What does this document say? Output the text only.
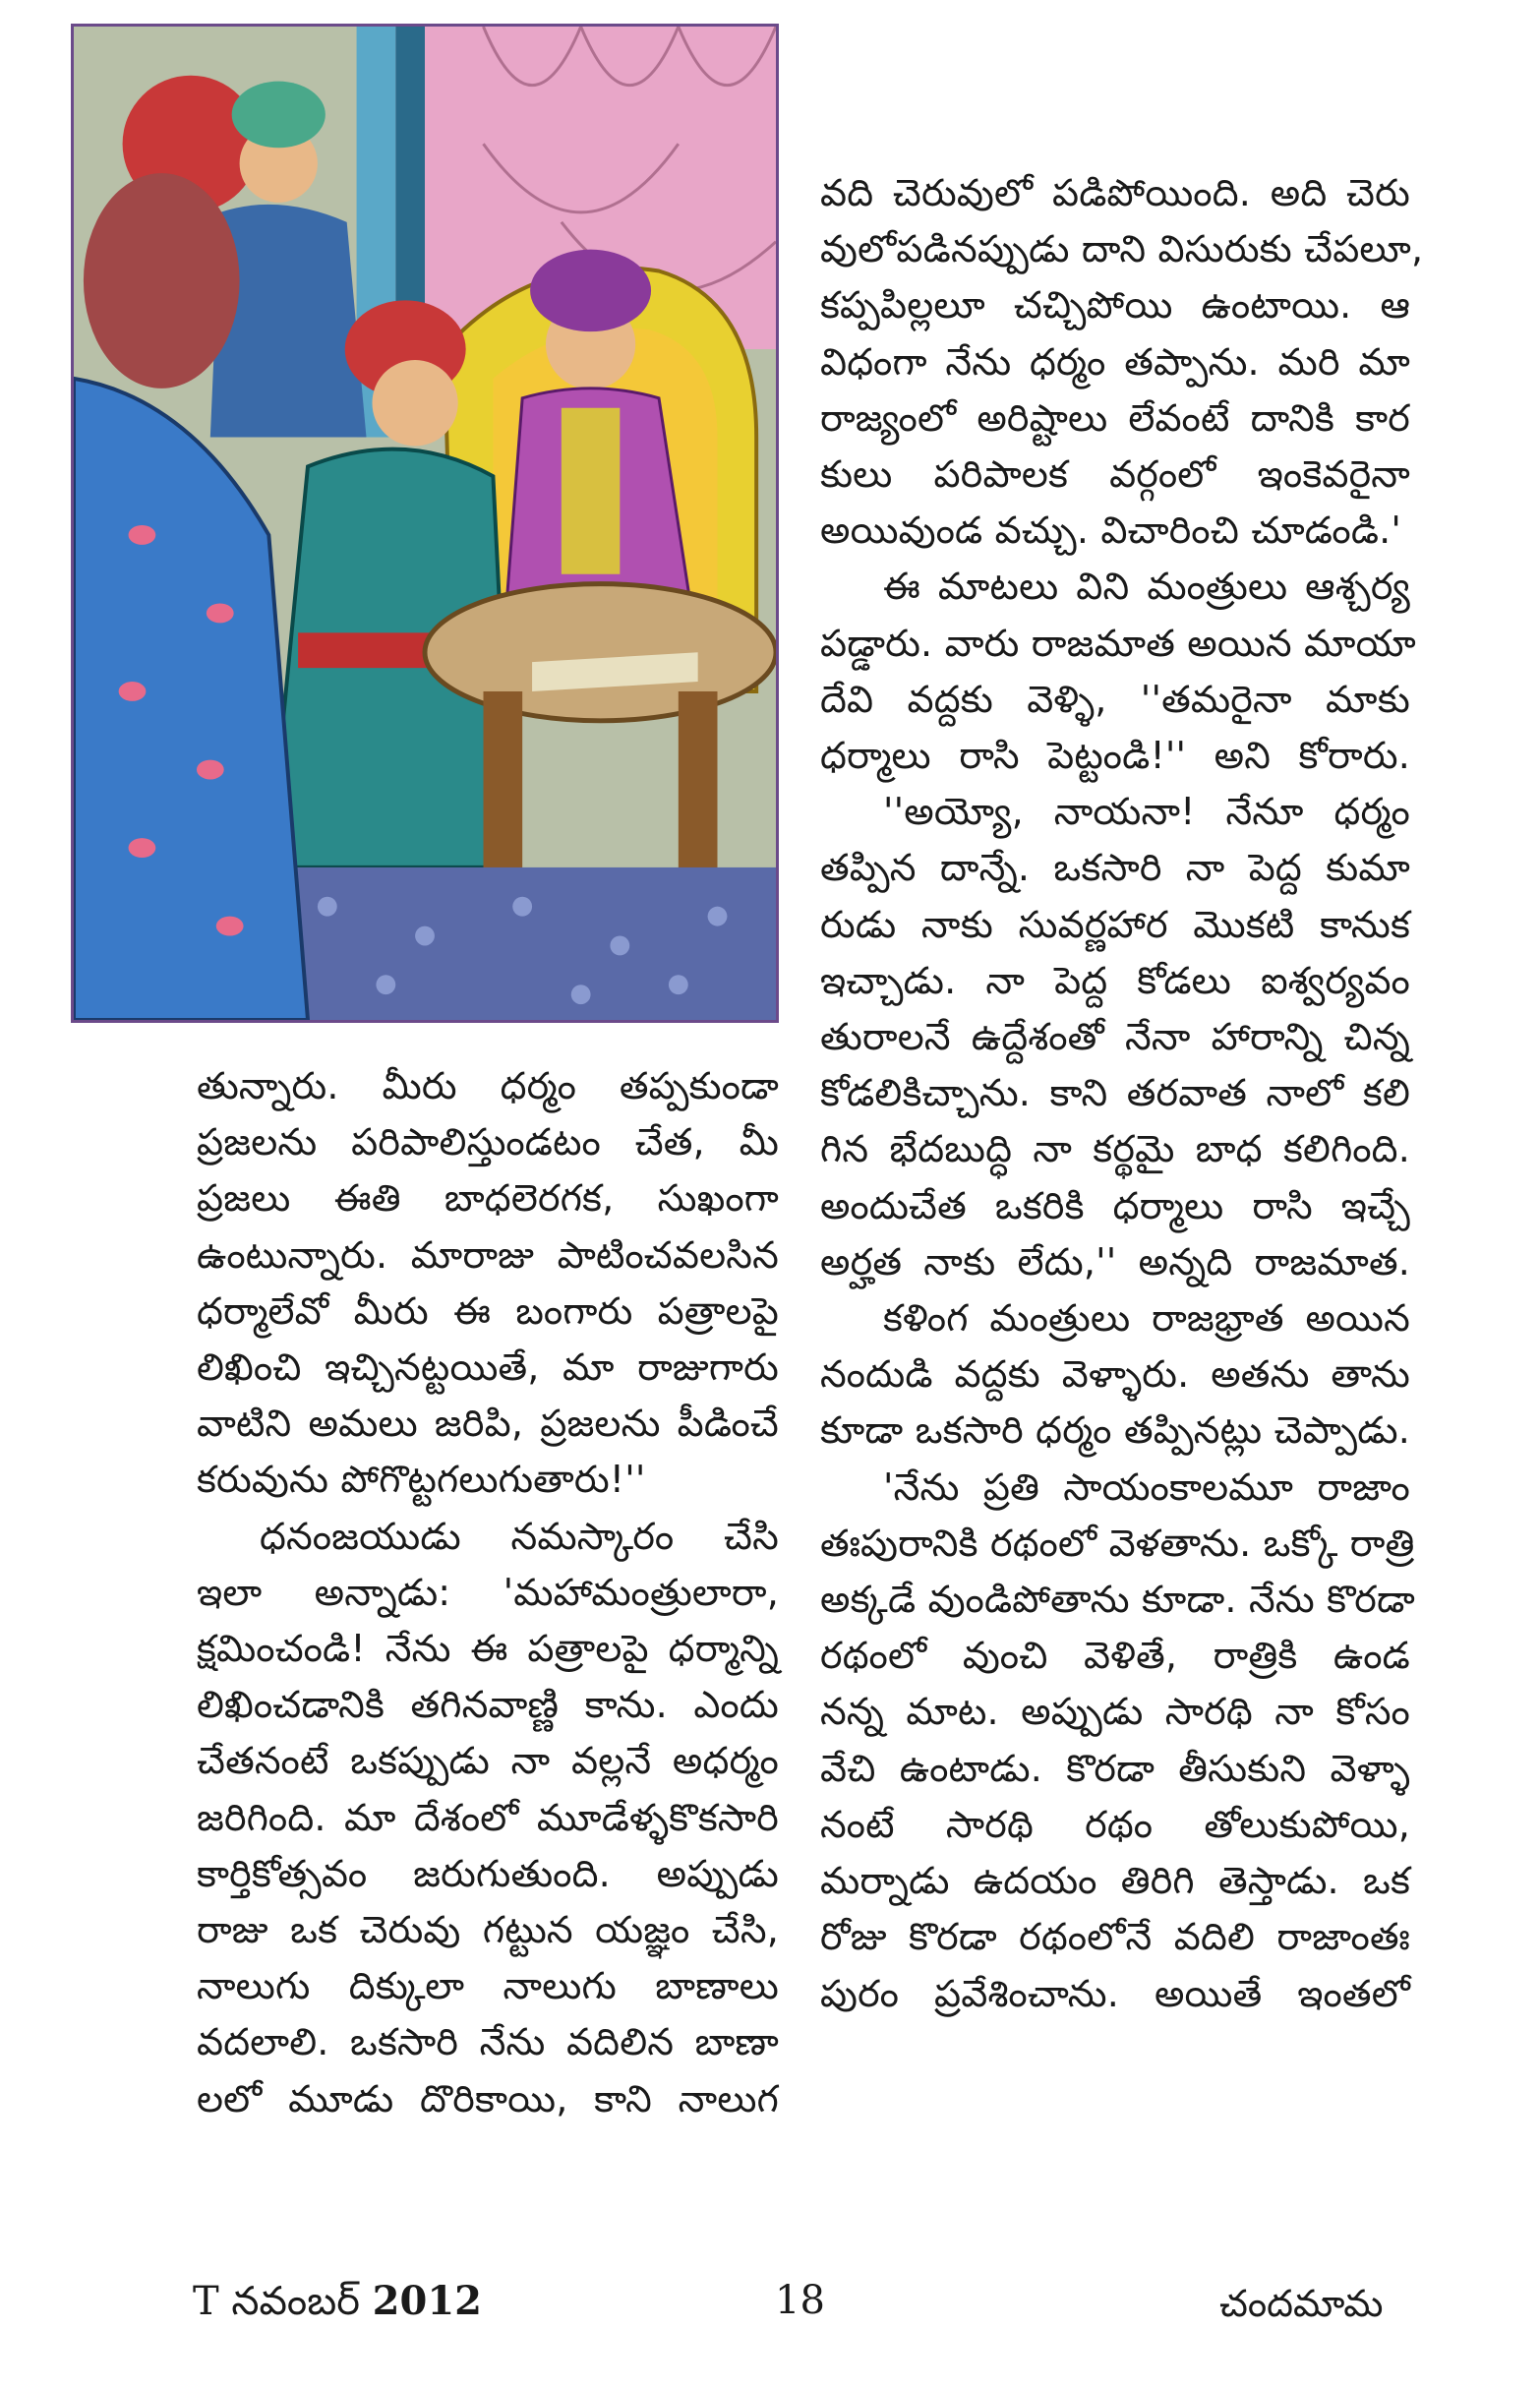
తున్నారు. మీరు ధర్మం తప్పకుండా

ప్రజలను పరిపాలిస్తుండటం చేత, మీ

ప్రజలు ఈతి బాధలెరగక, సుఖంగా

ఉంటున్నారు. మారాజు పాటించవలసిన

ధర్మాలేవో మీరు ఈ బంగారు పత్రాలపై

లిఖించి ఇచ్చినట్టయితే, మా రాజుగారు

వాటిని అమలు జరిపి, ప్రజలను పీడించే

కరువును పోగొట్టగలుగుతారు!''

ధనంజయుడు నమస్కారం చేసి

ఇలా అన్నాడు: 'మహామంత్రులారా,

క్షమించండి! నేను ఈ పత్రాలపై ధర్మాన్ని

లిఖించడానికి తగినవాణ్ణి కాను. ఎందు

చేతనంటే ఒకప్పుడు నా వల్లనే అధర్మం

జరిగింది. మా దేశంలో మూడేళ్ళకొకసారి

కార్తికోత్సవం జరుగుతుంది. అప్పుడు

రాజు ఒక చెరువు గట్టున యజ్ఞం చేసి,

నాలుగు దిక్కులా నాలుగు బాణాలు

వదలాలి. ఒకసారి నేను వదిలిన బాణా

లలో మూడు దొరికాయి, కాని నాలుగ

వది చెరువులో పడిపోయింది. అది చెరు

వులోపడినప్పుడు దాని విసురుకు చేపలూ,

కప్పపిల్లలూ చచ్చిపోయి ఉంటాయి. ఆ

విధంగా నేను ధర్మం తప్పాను. మరి మా

రాజ్యంలో అరిష్టాలు లేవంటే దానికి కార

కులు పరిపాలక వర్గంలో ఇంకెవరైనా

అయివుండ వచ్చు. విచారించి చూడండి.'

ఈ మాటలు విని మంత్రులు ఆశ్చర్య

పడ్డారు. వారు రాజమాత అయిన మాయా

దేవి వద్దకు వెళ్ళి, ''తమరైనా మాకు

ధర్మాలు రాసి పెట్టండి!'' అని కోరారు.

''అయ్యో, నాయనా! నేనూ ధర్మం

తప్పిన దాన్నే. ఒకసారి నా పెద్ద కుమా

రుడు నాకు సువర్ణహార మొకటి కానుక

ఇచ్చాడు. నా పెద్ద కోడలు ఐశ్వర్యవం

తురాలనే ఉద్దేశంతో నేనా హారాన్ని చిన్న

కోడలికిచ్చాను. కాని తరవాత నాలో కలి

గిన భేదబుద్ధి నా కర్థమై బాధ కలిగింది.

అందుచేత ఒకరికి ధర్మాలు రాసి ఇచ్చే

అర్హత నాకు లేదు,'' అన్నది రాజమాత.

కళింగ మంత్రులు రాజభ్రాత అయిన

నందుడి వద్దకు వెళ్ళారు. అతను తాను

కూడా ఒకసారి ధర్మం తప్పినట్లు చెప్పాడు.

'నేను ప్రతి సాయంకాలమూ రాజాం

తఃపురానికి రథంలో వెళతాను. ఒక్కో రాత్రి

అక్కడే వుండిపోతాను కూడా. నేను కొరడా

రథంలో వుంచి వెళితే, రాత్రికి ఉండ

నన్న మాట. అప్పుడు సారథి నా కోసం

వేచి ఉంటాడు. కొరడా తీసుకుని వెళ్ళా

నంటే సారథి రథం తోలుకుపోయి,

మర్నాడు ఉదయం తిరిగి తెస్తాడు. ఒక

రోజు కొరడా రథంలోనే వదిలి రాజాంతః

పురం ప్రవేశించాను. అయితే ఇంతలో

T నవంబర్ 2012	18	చందమామ
